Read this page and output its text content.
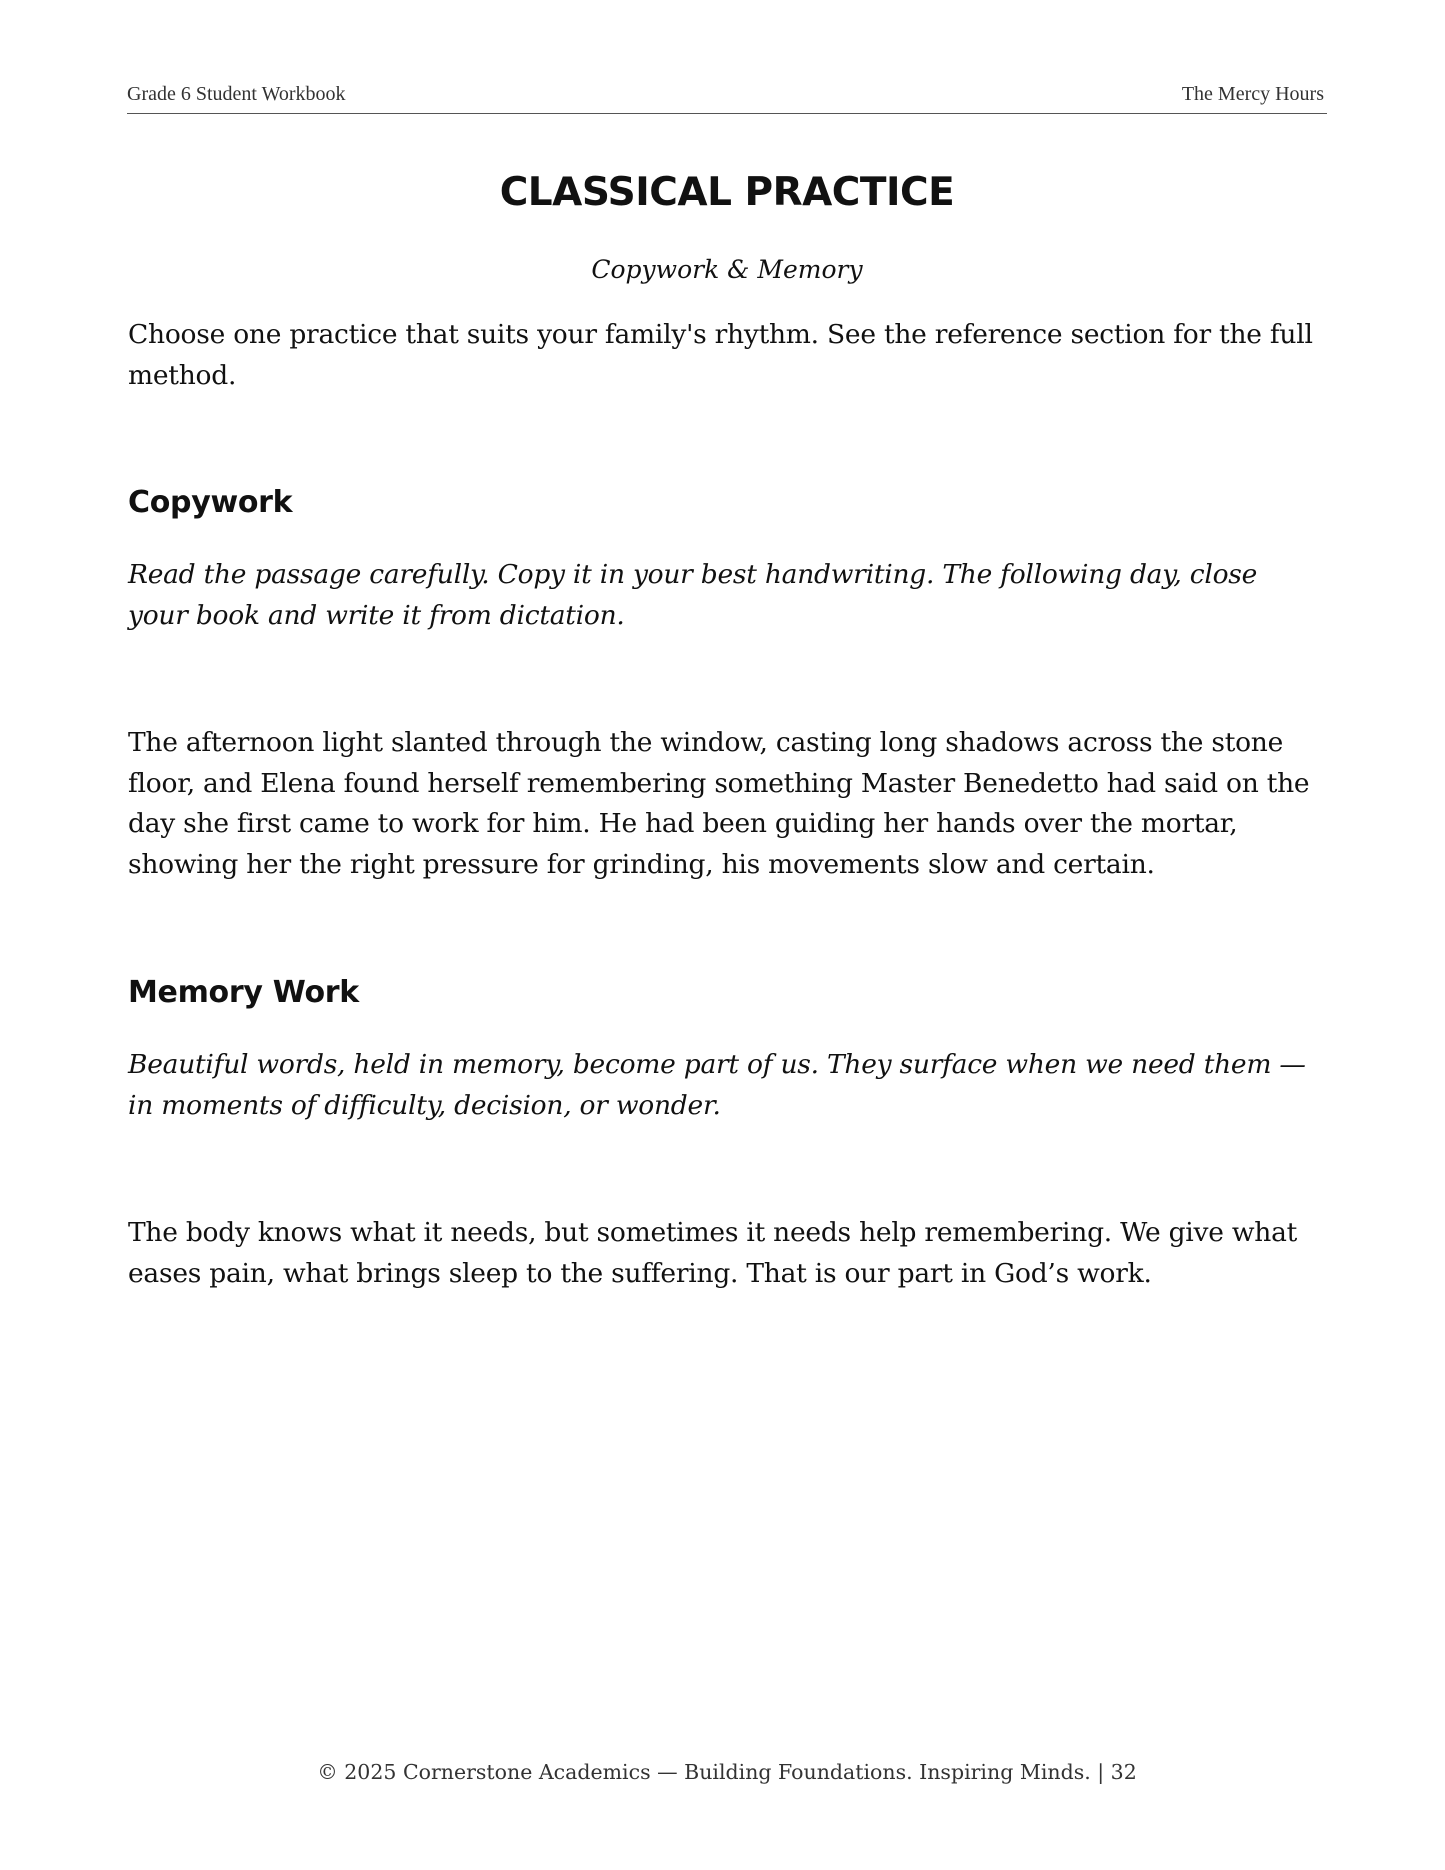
Grade 6 Student Workbook	The Mercy Hours
CLASSICAL PRACTICE

Copywork & Memory

Choose one practice that suits your family's rhythm. See the reference section for the full method.

Copywork

Read the passage carefully. Copy it in your best handwriting. The following day, close your book and write it from dictation.

The afternoon light slanted through the window, casting long shadows across the stone floor, and Elena found herself remembering something Master Benedetto had said on the day she first came to work for him. He had been guiding her hands over the mortar, showing her the right pressure for grinding, his movements slow and certain.

Memory Work

Beautiful words, held in memory, become part of us. They surface when we need them — in moments of difficulty, decision, or wonder.

The body knows what it needs, but sometimes it needs help remembering. We give what eases pain, what brings sleep to the suffering. That is our part in God’s work.

© 2025 Cornerstone Academics — Building Foundations. Inspiring Minds. | 32
